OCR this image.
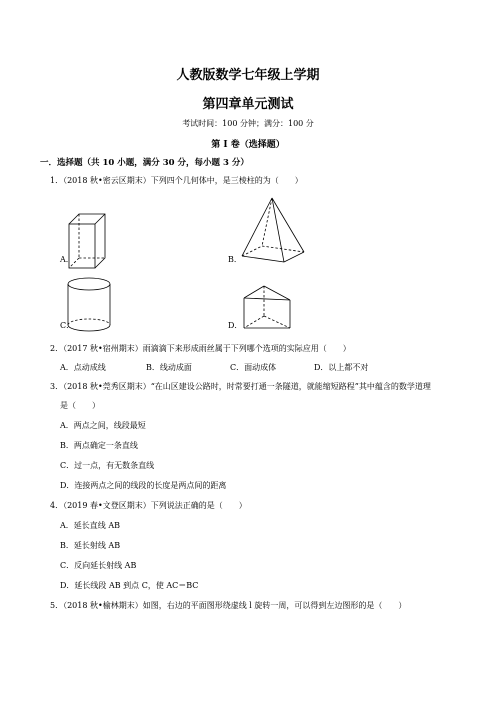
人教版数学七年级上学期
第四章单元测试
考试时间：100 分钟；满分：100 分
第 I 卷（选择题）
一．选择题（共 10 小题，满分 30 分，每小题 3 分）
1．（2018 秋•密云区期末）下列四个几何体中，是三棱柱的为（　　）
A．	B．
C．	D．
2．（2017 秋•宿州期末）雨滴滴下来形成雨丝属于下列哪个选项的实际应用（　　）
A．点动成线	B．线动成面	C．面动成体	D．以上都不对
3．（2018 秋•莞秀区期末）“在山区建设公路时，时常要打通一条隧道，就能缩短路程”其中蕴含的数学道理
是（　　）
A．两点之间，线段最短
B．两点确定一条直线
C．过一点，有无数条直线
D．连接两点之间的线段的长度是两点间的距离
4．（2019 春•文登区期末）下列说法正确的是（　　）
A．延长直线 AB
B．延长射线 AB
C．反向延长射线 AB
D．延长线段 AB 到点 C，使 AC＝BC
5．（2018 秋•榆林期末）如图，右边的平面图形绕虚线 l 旋转一周，可以得到左边图形的是（　　）
